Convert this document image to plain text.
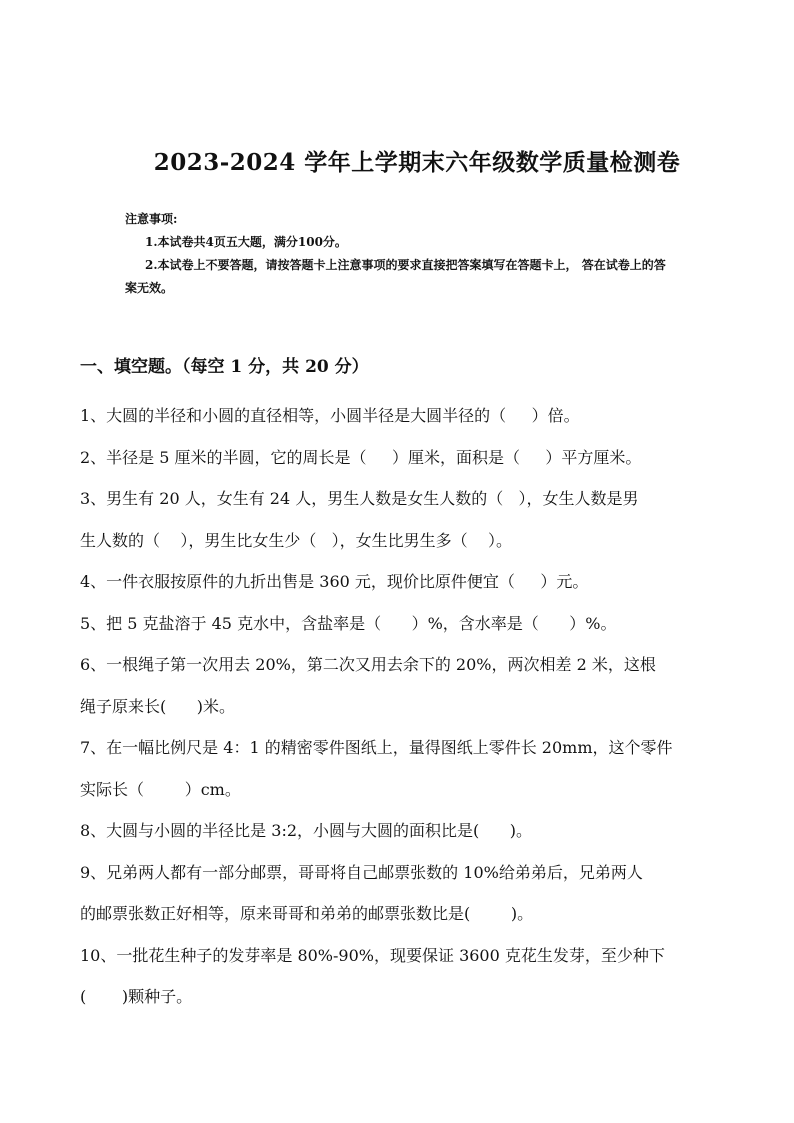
2023-2024 学年上学期末六年级数学质量检测卷
注意事项:
1.本试卷共4页五大题，满分100分。
2.本试卷上不要答题，请按答题卡上注意事项的要求直接把答案填写在答题卡上， 答在试卷上的答
案无效。
一、填空题。（每空 1 分，共 20 分）
1、大圆的半径和小圆的直径相等，小圆半径是大圆半径的（     ）倍。
2、半径是 5 厘米的半圆，它的周长是（     ）厘米，面积是（     ）平方厘米。
3、男生有 20 人，女生有 24 人，男生人数是女生人数的（   ），女生人数是男
生人数的（    ），男生比女生少（   ），女生比男生多（    ）。
4、一件衣服按原件的九折出售是 360 元，现价比原件便宜（     ）元。
5、把 5 克盐溶于 45 克水中，含盐率是（      ）%，含水率是（      ）%。
6、一根绳子第一次用去 20%，第二次又用去余下的 20%，两次相差 2 米，这根
绳子原来长(      )米。
7、在一幅比例尺是 4：1 的精密零件图纸上，量得图纸上零件长 20mm，这个零件
实际长（        ）cm。
8、大圆与小圆的半径比是 3:2，小圆与大圆的面积比是(      )。
9、兄弟两人都有一部分邮票，哥哥将自己邮票张数的 10%给弟弟后，兄弟两人
的邮票张数正好相等，原来哥哥和弟弟的邮票张数比是(        )。
10、一批花生种子的发芽率是 80%-90%，现要保证 3600 克花生发芽，至少种下
(       )颗种子。
